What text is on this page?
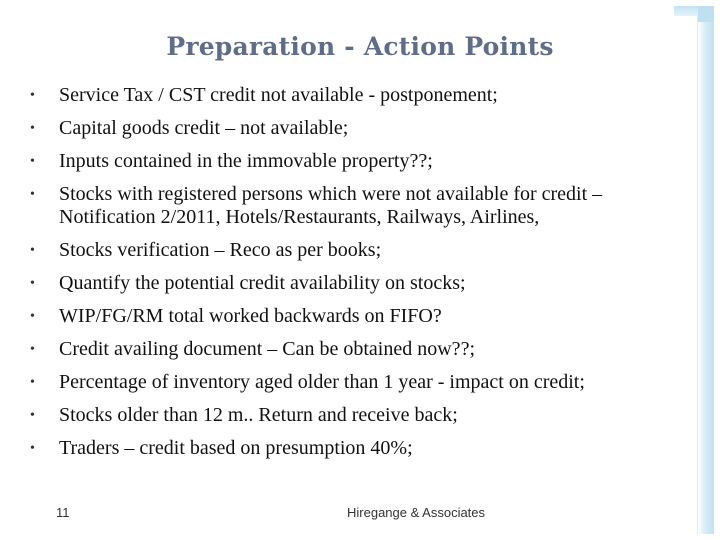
Preparation - Action Points
• Service Tax / CST credit not available - postponement;
• Capital goods credit – not available;
• Inputs contained in the immovable property??;
• Stocks with registered persons which were not available for credit – Notification 2/2011, Hotels/Restaurants, Railways, Airlines,
• Stocks verification – Reco as per books;
• Quantify the potential credit availability on stocks;
• WIP/FG/RM total worked backwards on FIFO?
• Credit availing document – Can be obtained now??;
• Percentage of inventory aged older than 1 year - impact on credit;
• Stocks older than 12 m.. Return and receive back;
• Traders – credit based on presumption 40%;
11	Hiregange & Associates
